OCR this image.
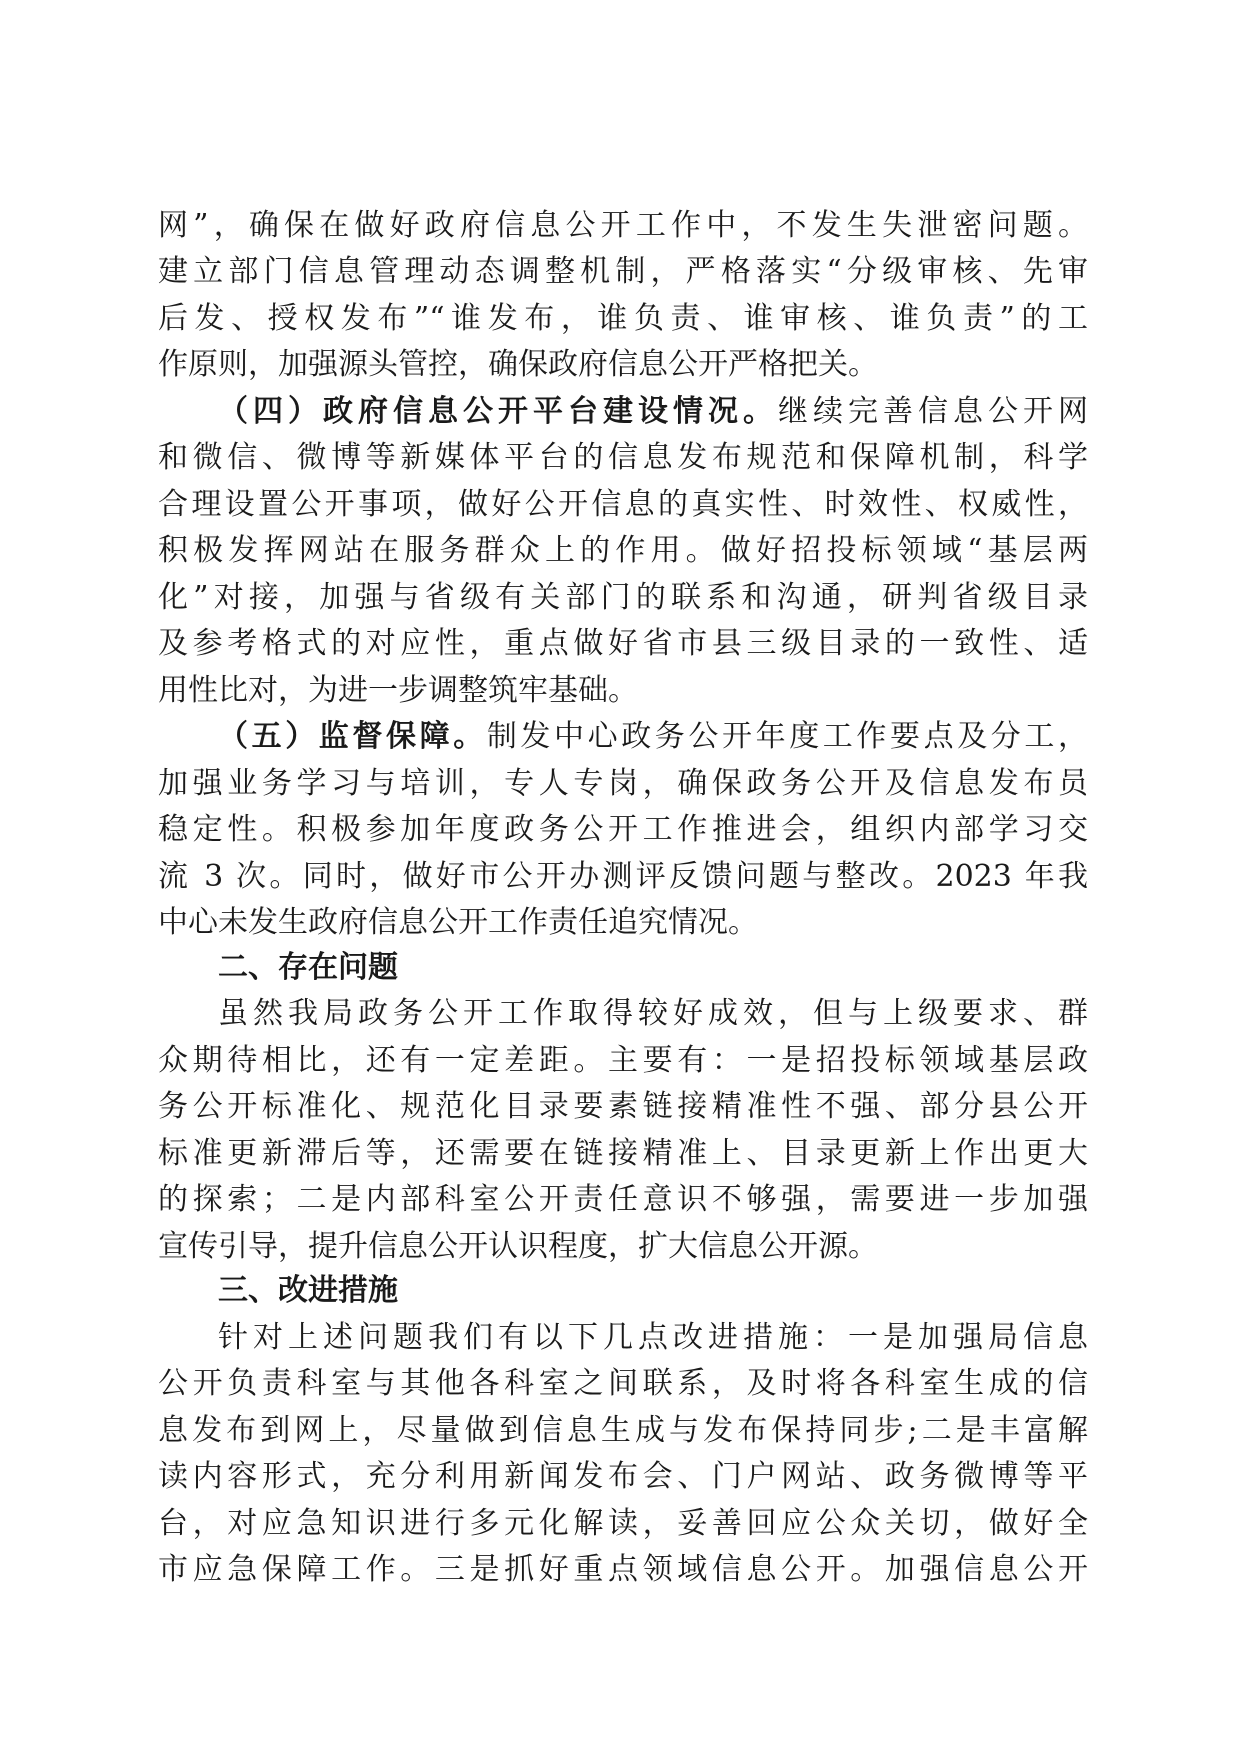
网”，确保在做好政府信息公开工作中，不发生失泄密问题。
建立部门信息管理动态调整机制，严格落实“分级审核、先审
后发、授权发布”“谁发布，谁负责、谁审核、谁负责”的工
作原则，加强源头管控，确保政府信息公开严格把关。
（四）政府信息公开平台建设情况。继续完善信息公开网
和微信、微博等新媒体平台的信息发布规范和保障机制，科学
合理设置公开事项，做好公开信息的真实性、时效性、权威性，
积极发挥网站在服务群众上的作用。做好招投标领域“基层两
化”对接，加强与省级有关部门的联系和沟通，研判省级目录
及参考格式的对应性，重点做好省市县三级目录的一致性、适
用性比对，为进一步调整筑牢基础。
（五）监督保障。制发中心政务公开年度工作要点及分工，
加强业务学习与培训，专人专岗，确保政务公开及信息发布员
稳定性。积极参加年度政务公开工作推进会，组织内部学习交
流 3 次。同时，做好市公开办测评反馈问题与整改。2023 年我
中心未发生政府信息公开工作责任追究情况。
二、存在问题
虽然我局政务公开工作取得较好成效，但与上级要求、群
众期待相比，还有一定差距。主要有：一是招投标领域基层政
务公开标准化、规范化目录要素链接精准性不强、部分县公开
标准更新滞后等，还需要在链接精准上、目录更新上作出更大
的探索；二是内部科室公开责任意识不够强，需要进一步加强
宣传引导，提升信息公开认识程度，扩大信息公开源。
三、改进措施
针对上述问题我们有以下几点改进措施：一是加强局信息
公开负责科室与其他各科室之间联系，及时将各科室生成的信
息发布到网上，尽量做到信息生成与发布保持同步;二是丰富解
读内容形式，充分利用新闻发布会、门户网站、政务微博等平
台，对应急知识进行多元化解读，妥善回应公众关切，做好全
市应急保障工作。三是抓好重点领域信息公开。加强信息公开
